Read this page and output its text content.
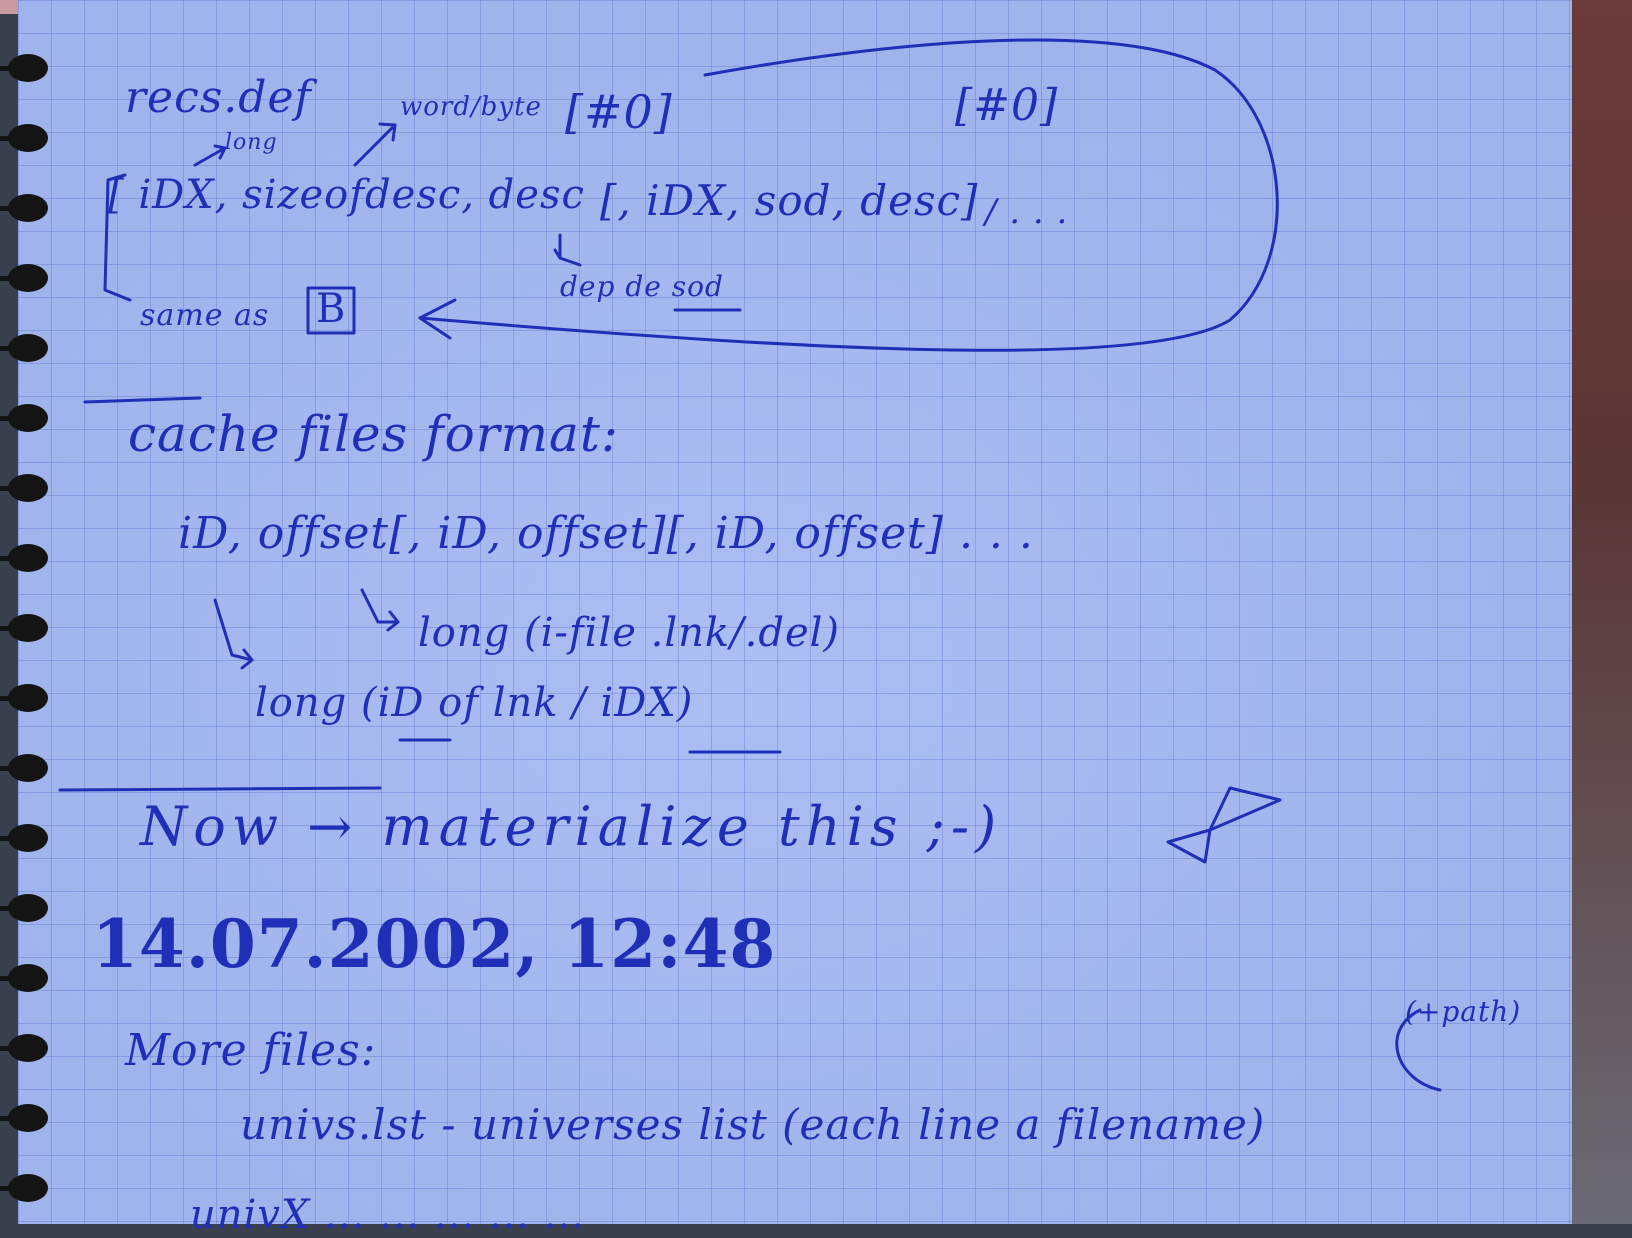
recs.def
long
word/byte [#0]	[#0]
[ iDX, sizeofdesc, desc [, iDX, sod, desc] / . . .
dep de sod
same as B
cache files format:
iD, offset[, iD, offset][, iD, offset] . . .
long (i-file .lnk/.del)
long (iD of lnk / iDX)
Now → materialize this ;-)
14.07.2002, 12:48
More files:
(+path)
univs.lst - universes list (each line a filename)
univX ... ... ... ... ...
